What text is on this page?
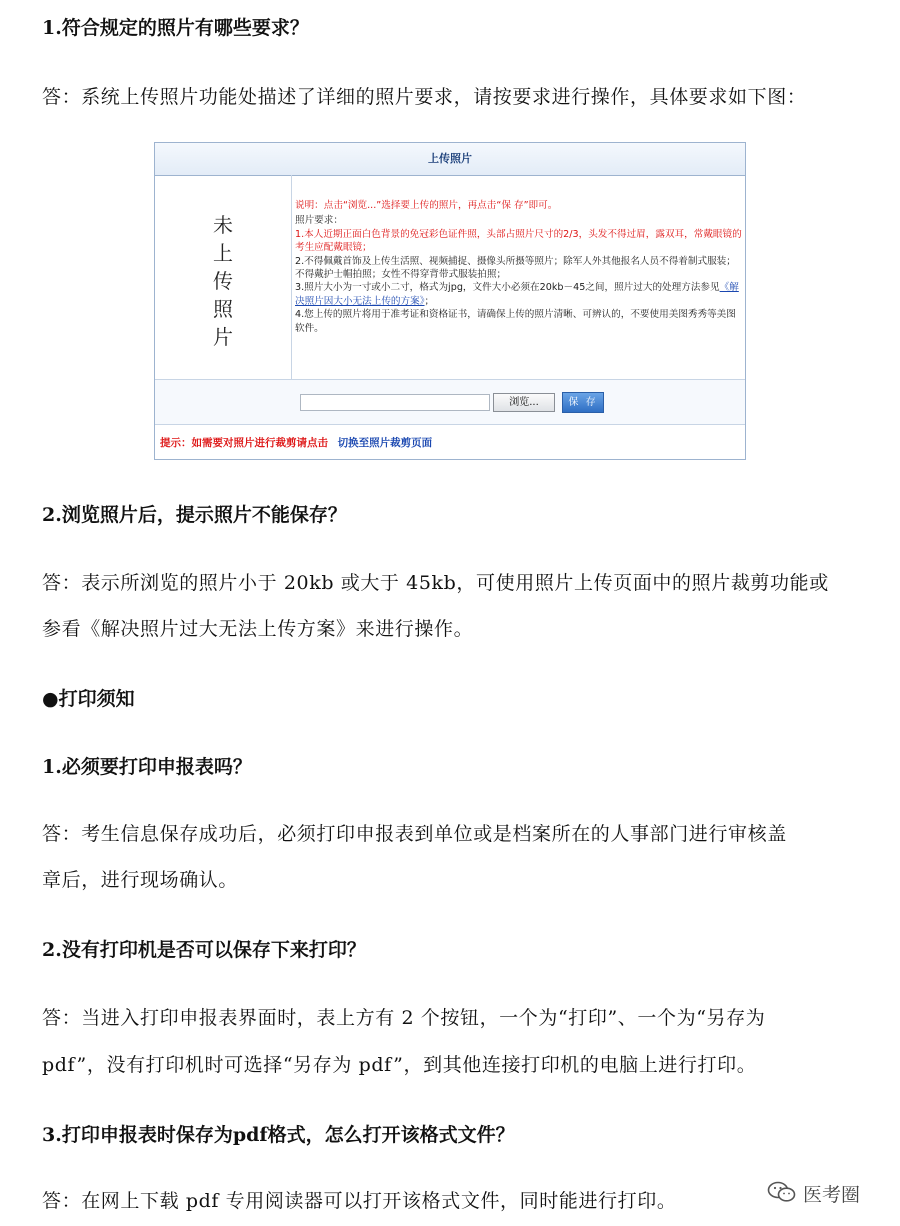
1.符合规定的照片有哪些要求？
答：系统上传照片功能处描述了详细的照片要求，请按要求进行操作，具体要求如下图：
上传照片
未上传照片
说明：点击“浏览...”选择要上传的照片，再点击“保 存”即可。
照片要求：
1.本人近期正面白色背景的免冠彩色证件照，头部占照片尺寸的2/3，头发不得过眉，露双耳，常戴眼镜的考生应配戴眼镜；
2.不得佩戴首饰及上传生活照、视频捕捉、摄像头所摄等照片；除军人外其他报名人员不得着制式服装；不得戴护士帽拍照；女性不得穿背带式服装拍照；
3.照片大小为一寸或小二寸，格式为jpg，文件大小必须在20kb－45之间，照片过大的处理方法参见《解决照片因大小无法上传的方案》；
4.您上传的照片将用于准考证和资格证书，请确保上传的照片清晰、可辨认的，不要使用美图秀秀等美图软件。
浏览...	保 存
提示：如需要对照片进行裁剪请点击 切换至照片裁剪页面
2.浏览照片后，提示照片不能保存？
答：表示所浏览的照片小于 20kb 或大于 45kb，可使用照片上传页面中的照片裁剪功能或
参看《解决照片过大无法上传方案》来进行操作。
●打印须知
1.必须要打印申报表吗？
答：考生信息保存成功后，必须打印申报表到单位或是档案所在的人事部门进行审核盖
章后，进行现场确认。
2.没有打印机是否可以保存下来打印？
答：当进入打印申报表界面时，表上方有 2 个按钮，一个为“打印”、一个为“另存为
pdf”，没有打印机时可选择“另存为 pdf”，到其他连接打印机的电脑上进行打印。
3.打印申报表时保存为pdf格式，怎么打开该格式文件？
答：在网上下载 pdf 专用阅读器可以打开该格式文件，同时能进行打印。	医考圈
